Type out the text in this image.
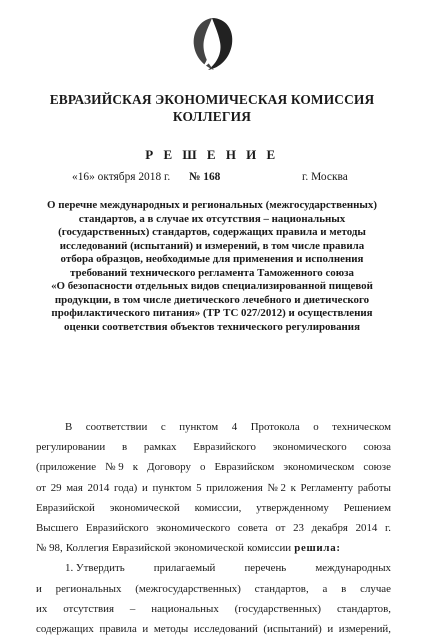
ЕВРАЗИЙСКАЯ ЭКОНОМИЧЕСКАЯ КОМИССИЯ
КОЛЛЕГИЯ
Р Е Ш Е Н И Е
«16» октября 2018 г. № 168	г. Москва
О перечне международных и региональных (межгосударственных)
стандартов, а в случае их отсутствия – национальных
(государственных) стандартов, содержащих правила и методы
исследований (испытаний) и измерений, в том числе правила
отбора образцов, необходимые для применения и исполнения
требований технического регламента Таможенного союза
«О безопасности отдельных видов специализированной пищевой
продукции, в том числе диетического лечебного и диетического
профилактического питания» (ТР ТС 027/2012) и осуществления
оценки соответствия объектов технического регулирования
В соответствии с пунктом 4 Протокола о техническом
регулировании в рамках Евразийского экономического союза
(приложение № 9 к Договору о Евразийском экономическом союзе
от 29 мая 2014 года) и пунктом 5 приложения № 2 к Регламенту работы
Евразийской экономической комиссии, утвержденному Решением
Высшего Евразийского экономического совета от 23 декабря 2014 г.
№ 98, Коллегия Евразийской экономической комиссии решила:
1. Утвердить	прилагаемый	перечень	международных
и региональных (межгосударственных) стандартов, а в случае
их отсутствия – национальных (государственных) стандартов,
содержащих правила и методы исследований (испытаний) и измерений,
